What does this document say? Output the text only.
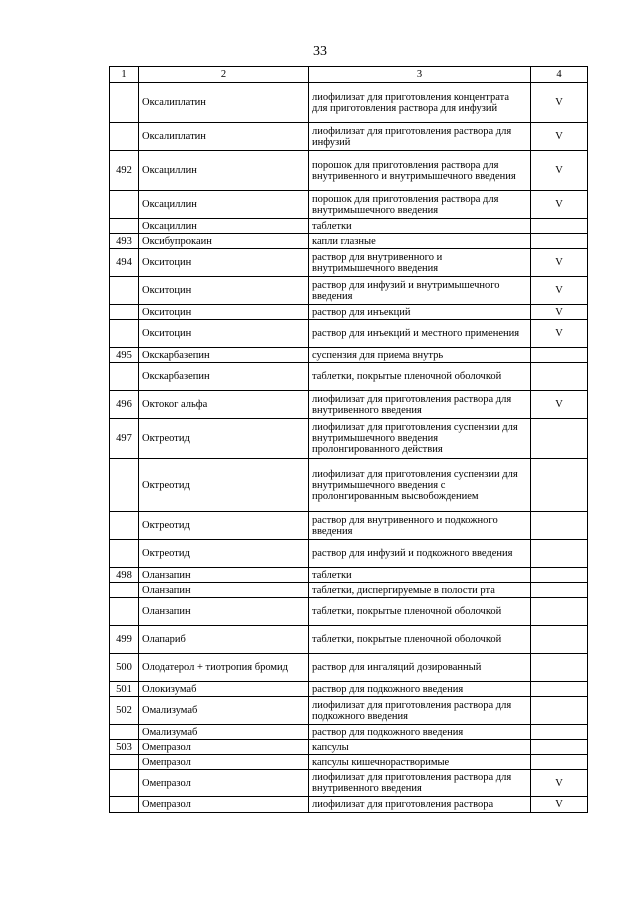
33
1	2	3	4
	Оксалиплатин	лиофилизат для приготовления концентрата для приготовления раствора для инфузий	V
	Оксалиплатин	лиофилизат для приготовления раствора для инфузий	V
492	Оксациллин	порошок для приготовления раствора для внутривенного и внутримышечного введения	V
	Оксациллин	порошок для приготовления раствора для внутримышечного введения	V
	Оксациллин	таблетки	
493	Оксибупрокаин	капли глазные	
494	Окситоцин	раствор для внутривенного и внутримышечного введения	V
	Окситоцин	раствор для инфузий и внутримышечного введения	V
	Окситоцин	раствор для инъекций	V
	Окситоцин	раствор для инъекций и местного применения	V
495	Окскарбазепин	суспензия для приема внутрь	
	Окскарбазепин	таблетки, покрытые пленочной оболочкой	
496	Октоког альфа	лиофилизат для приготовления раствора для внутривенного введения	V
497	Октреотид	лиофилизат для приготовления суспензии для внутримышечного введения пролонгированного действия	
	Октреотид	лиофилизат для приготовления суспензии для внутримышечного введения с пролонгированным высвобождением	
	Октреотид	раствор для внутривенного и подкожного введения	
	Октреотид	раствор для инфузий и подкожного введения	
498	Оланзапин	таблетки	
	Оланзапин	таблетки, диспергируемые в полости рта	
	Оланзапин	таблетки, покрытые пленочной оболочкой	
499	Олапариб	таблетки, покрытые пленочной оболочкой	
500	Олодатерол + тиотропия бромид	раствор для ингаляций дозированный	
501	Олокизумаб	раствор для подкожного введения	
502	Омализумаб	лиофилизат для приготовления раствора для подкожного введения	
	Омализумаб	раствор для подкожного введения	
503	Омепразол	капсулы	
	Омепразол	капсулы кишечнорастворимые	
	Омепразол	лиофилизат для приготовления раствора для внутривенного введения	V
	Омепразол	лиофилизат для приготовления раствора	V
